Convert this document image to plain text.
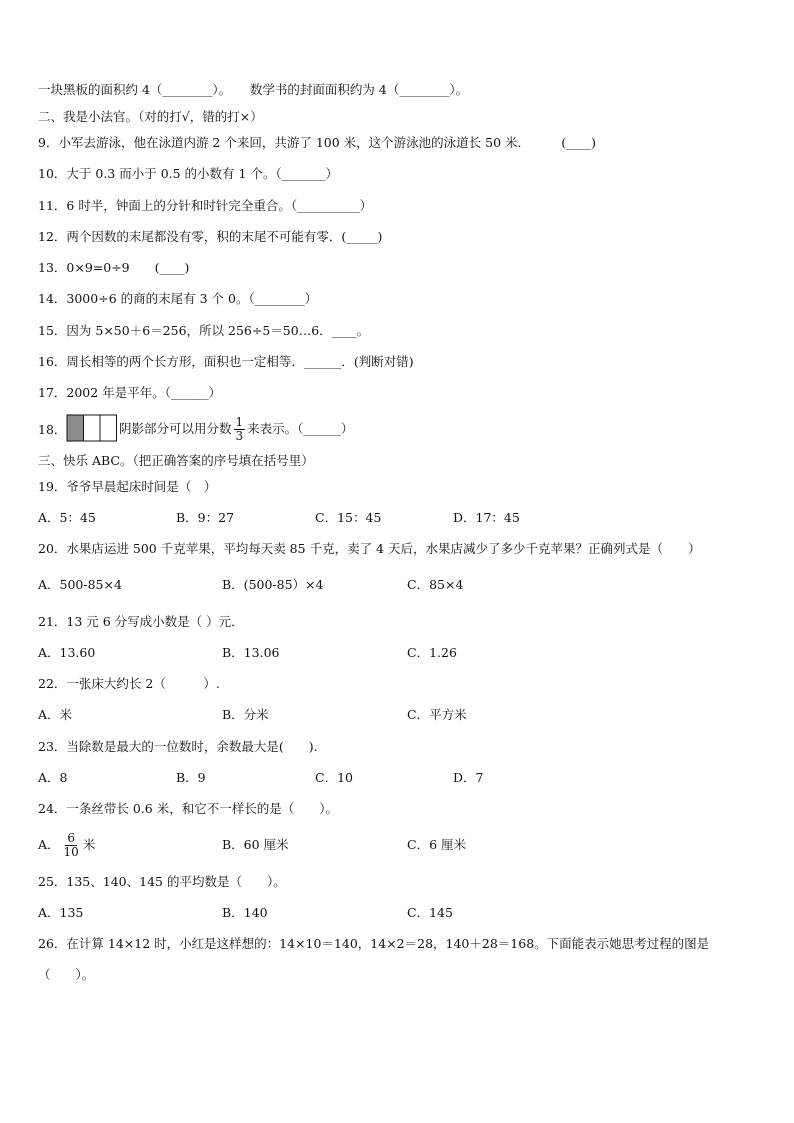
一块黑板的面积约 4（________）。　　数学书的封面面积约为 4（________）。
二、我是小法官。（对的打√，错的打×）
9．小军去游泳，他在泳道内游 2 个来回，共游了 100 米，这个游泳池的泳道长 50 米．　　　(____)
10．大于 0.3 而小于 0.5 的小数有 1 个。（_______）
11．6 时半，钟面上的分针和时针完全重合。（__________）
12．两个因数的末尾都没有零，积的末尾不可能有零．(_____)
13．0×9=0÷9　　(____)
14．3000÷6 的商的末尾有 3 个 0。（________）
15．因为 5×50＋6＝256，所以 256÷5＝50…6．____。
16．周长相等的两个长方形，面积也一定相等．______．(判断对错)
17．2002 年是平年。（______）
18．	阴影部分可以用分数 $\frac{1}{3}$ 来表示。（______）
三、快乐 ABC。（把正确答案的序号填在括号里）
19．爷爷早晨起床时间是（　）
A．5：45	B．9：27	C．15：45	D．17：45
20．水果店运进 500 千克苹果，平均每天卖 85 千克，卖了 4 天后，水果店减少了多少千克苹果？正确列式是（　　）
A．500-85×4	B．(500-85）×4	C．85×4
21．13 元 6 分写成小数是（ ）元．
A．13.60	B．13.06	C．1.26
22．一张床大约长 2（　　　）.
A．米	B．分米	C．平方米
23．当除数是最大的一位数时，余数最大是(　　).
A．8	B．9	C．10	D．7
24．一条丝带长 0.6 米，和它不一样长的是（　　）。
A． $\frac{6}{10}$ 米	B．60 厘米	C．6 厘米
25．135、140、145 的平均数是（　　）。
A．135	B．140	C．145
26．在计算 14×12 时，小红是这样想的：14×10＝140，14×2＝28，140＋28＝168。下面能表示她思考过程的图是
（　　）。
